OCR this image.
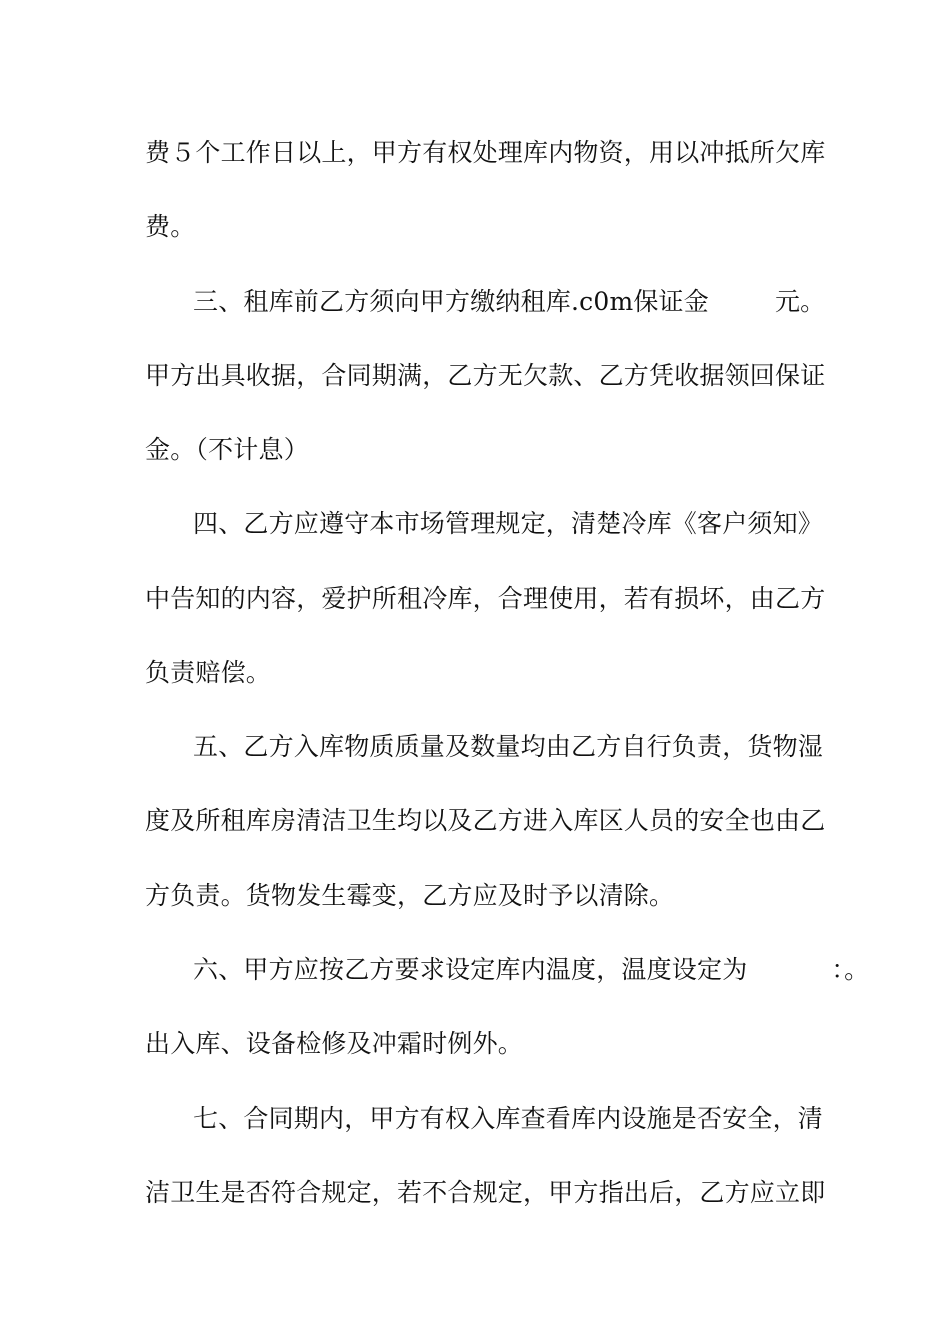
费５个工作日以上，甲方有权处理库内物资，用以冲抵所欠库
费。
三、租库前乙方须向甲方缴纳租库.c0m保证金	元。
甲方出具收据，合同期满，乙方无欠款、乙方凭收据领回保证
金。（不计息）
四、乙方应遵守本市场管理规定，清楚冷库《客户须知》
中告知的内容，爱护所租冷库，合理使用，若有损坏，由乙方
负责赔偿。
五、乙方入库物质质量及数量均由乙方自行负责，货物湿
度及所租库房清洁卫生均以及乙方进入库区人员的安全也由乙
方负责。货物发生霉变，乙方应及时予以清除。
六、甲方应按乙方要求设定库内温度，温度设定为	：。
出入库、设备检修及冲霜时例外。
七、合同期内，甲方有权入库查看库内设施是否安全，清
洁卫生是否符合规定，若不合规定，甲方指出后，乙方应立即
